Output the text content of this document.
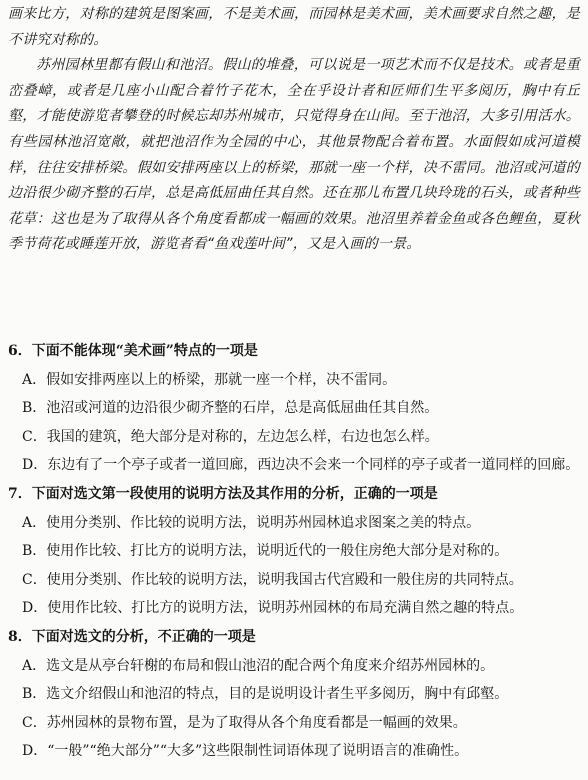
画来比方，对称的建筑是图案画，不是美术画，而园林是美术画，美术画要求自然之趣，是不讲究对称的。

苏州园林里都有假山和池沼。假山的堆叠，可以说是一项艺术而不仅是技术。或者是重峦叠嶂，或者是几座小山配合着竹子花木，全在乎设计者和匠师们生平多阅历，胸中有丘壑，才能使游览者攀登的时候忘却苏州城市，只觉得身在山间。至于池沼，大多引用活水。有些园林池沼宽敞，就把池沼作为全园的中心，其他景物配合着布置。水面假如成河道模样，往往安排桥梁。假如安排两座以上的桥梁，那就一座一个样，决不雷同。池沼或河道的边沿很少砌齐整的石岸，总是高低屈曲任其自然。还在那儿布置几块玲珑的石头，或者种些花草：这也是为了取得从各个角度看都成一幅画的效果。池沼里养着金鱼或各色鲤鱼，夏秋季节荷花或睡莲开放，游览者看“鱼戏莲叶间”，又是入画的一景。

6．下面不能体现“美术画”特点的一项是

A．假如安排两座以上的桥梁，那就一座一个样，决不雷同。

B．池沼或河道的边沿很少砌齐整的石岸，总是高低屈曲任其自然。

C．我国的建筑，绝大部分是对称的，左边怎么样，右边也怎么样。

D．东边有了一个亭子或者一道回廊，西边决不会来一个同样的亭子或者一道同样的回廊。

7．下面对选文第一段使用的说明方法及其作用的分析，正确的一项是

A．使用分类别、作比较的说明方法，说明苏州园林追求图案之美的特点。

B．使用作比较、打比方的说明方法，说明近代的一般住房绝大部分是对称的。

C．使用分类别、作比较的说明方法，说明我国古代宫殿和一般住房的共同特点。

D．使用作比较、打比方的说明方法，说明苏州园林的布局充满自然之趣的特点。

8．下面对选文的分析，不正确的一项是

A．选文是从亭台轩榭的布局和假山池沼的配合两个角度来介绍苏州园林的。

B．选文介绍假山和池沼的特点，目的是说明设计者生平多阅历，胸中有邱壑。

C．苏州园林的景物布置，是为了取得从各个角度看都是一幅画的效果。

D．“一般”“绝大部分”“大多”这些限制性词语体现了说明语言的准确性。
